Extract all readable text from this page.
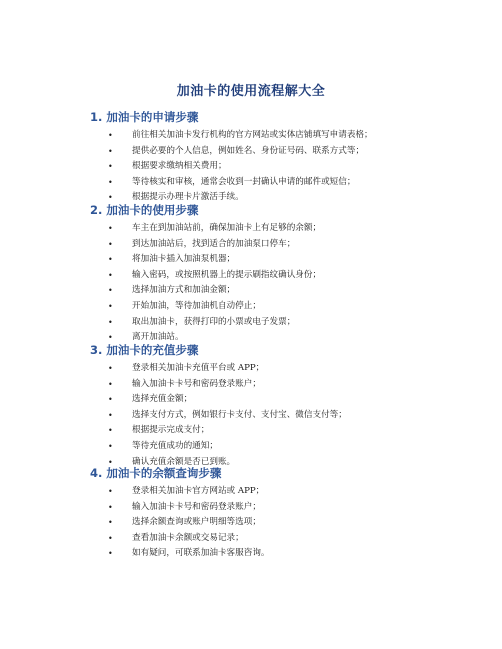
加油卡的使用流程解大全
1. 加油卡的申请步骤
• 前往相关加油卡发行机构的官方网站或实体店铺填写申请表格；
• 提供必要的个人信息，例如姓名、身份证号码、联系方式等；
• 根据要求缴纳相关费用；
• 等待核实和审核，通常会收到一封确认申请的邮件或短信；
• 根据提示办理卡片激活手续。
2. 加油卡的使用步骤
• 车主在到加油站前，确保加油卡上有足够的余额；
• 到达加油站后，找到适合的加油泵口停车；
• 将加油卡插入加油泵机器；
• 输入密码，或按照机器上的提示刷指纹确认身份；
• 选择加油方式和加油金额；
• 开始加油，等待加油机自动停止；
• 取出加油卡，获得打印的小票或电子发票；
• 离开加油站。
3. 加油卡的充值步骤
• 登录相关加油卡充值平台或 APP；
• 输入加油卡卡号和密码登录账户；
• 选择充值金额；
• 选择支付方式，例如银行卡支付、支付宝、微信支付等；
• 根据提示完成支付；
• 等待充值成功的通知；
• 确认充值余额是否已到账。
4. 加油卡的余额查询步骤
• 登录相关加油卡官方网站或 APP；
• 输入加油卡卡号和密码登录账户；
• 选择余额查询或账户明细等选项；
• 查看加油卡余额或交易记录；
• 如有疑问，可联系加油卡客服咨询。
